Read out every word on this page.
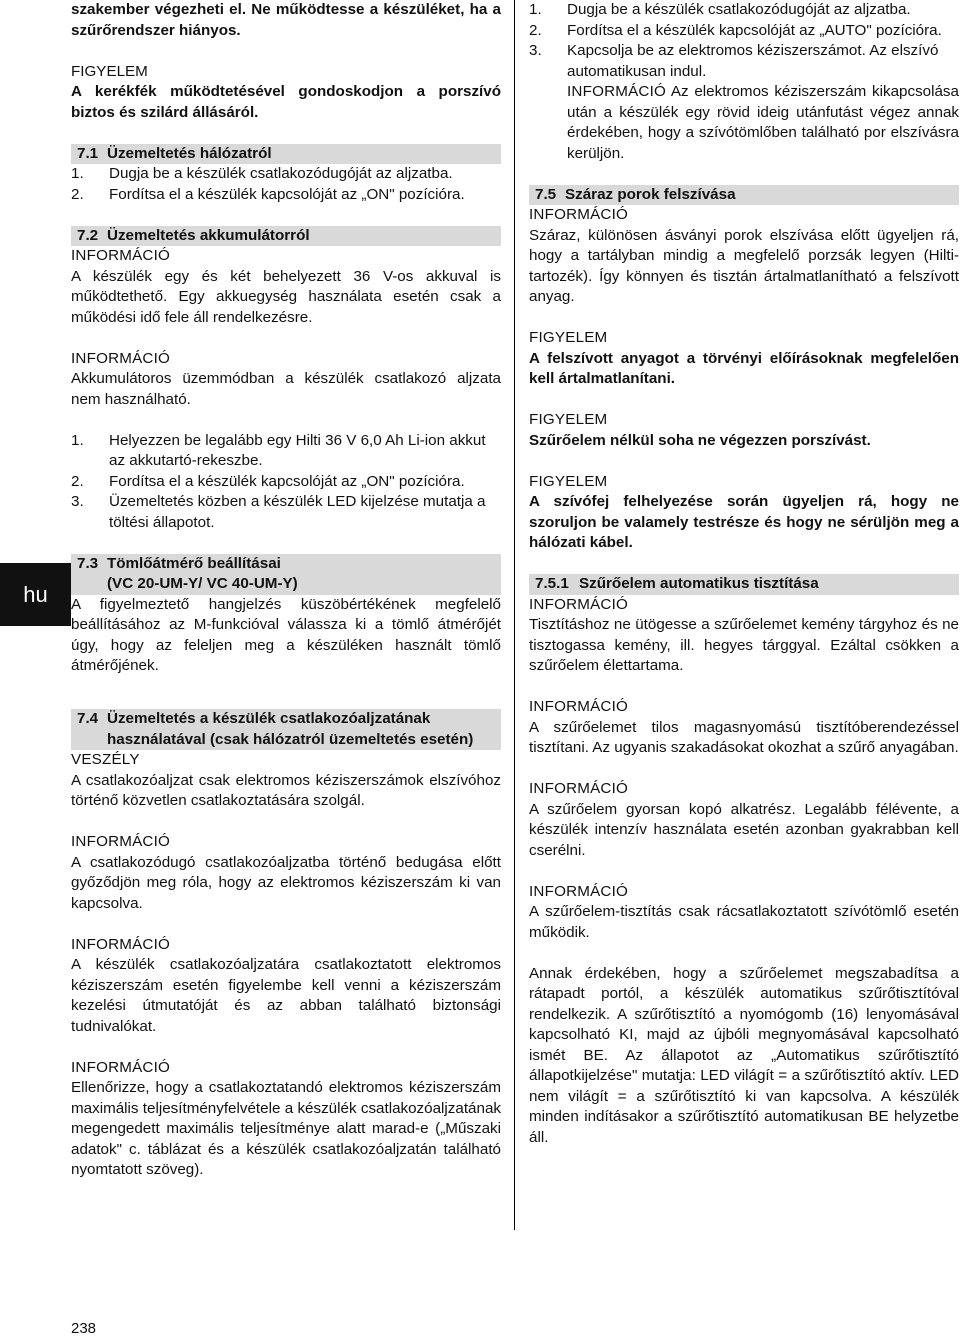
hu

szakember végezheti el. Ne működtesse a készüléket, ha a szűrőrendszer hiányos.

FIGYELEM

A kerékfék működtetésével gondoskodjon a porszívó biztos és szilárd állásáról.

7.1 Üzemeltetés hálózatról
1.	Dugja be a készülék csatlakozódugóját az aljzatba.
2.	Fordítsa el a készülék kapcsolóját az „ON" pozícióra.
7.2 Üzemeltetés akkumulátorról

INFORMÁCIÓ

A készülék egy és két behelyezett 36 V-os akkuval is működtethető. Egy akkuegység használata esetén csak a működési idő fele áll rendelkezésre.

INFORMÁCIÓ

Akkumulátoros üzemmódban a készülék csatlakozó aljzata nem használható.

1.	Helyezzen be legalább egy Hilti 36 V 6,0 Ah Li-ion akkut az akkutartó-rekeszbe.
2.	Fordítsa el a készülék kapcsolóját az „ON" pozícióra.
3.	Üzemeltetés közben a készülék LED kijelzése mutatja a töltési állapotot.
7.3 Tömlőátmérő beállításai
(VC 20-UM-Y/ VC 40-UM-Y)

A figyelmeztető hangjelzés küszöbértékének megfelelő beállításához az M-funkcióval válassza ki a tömlő átmérőjét úgy, hogy az feleljen meg a készüléken használt tömlő átmérőjének.

7.4 Üzemeltetés a készülék csatlakozóaljzatának használatával (csak hálózatról üzemeltetés esetén)

VESZÉLY

A csatlakozóaljzat csak elektromos kéziszerszámok elszívóhoz történő közvetlen csatlakoztatására szolgál.

INFORMÁCIÓ

A csatlakozódugó csatlakozóaljzatba történő bedugása előtt győződjön meg róla, hogy az elektromos kéziszerszám ki van kapcsolva.

INFORMÁCIÓ

A készülék csatlakozóaljzatára csatlakoztatott elektromos kéziszerszám esetén figyelembe kell venni a kéziszerszám kezelési útmutatóját és az abban található biztonsági tudnivalókat.

INFORMÁCIÓ

Ellenőrizze, hogy a csatlakoztatandó elektromos kéziszerszám maximális teljesítményfelvétele a készülék csatlakozóaljzatának megengedett maximális teljesítménye alatt marad-e („Műszaki adatok" c. táblázat és a készülék csatlakozóaljzatán található nyomtatott szöveg).

1.	Dugja be a készülék csatlakozódugóját az aljzatba.
2.	Fordítsa el a készülék kapcsolóját az „AUTO" pozícióra.
3.	Kapcsolja be az elektromos kéziszerszámot. Az elszívó automatikusan indul.

INFORMÁCIÓ Az elektromos kéziszerszám kikapcsolása után a készülék egy rövid ideig utánfutást végez annak érdekében, hogy a szívótömlőben található por elszívásra kerüljön.

7.5 Száraz porok felszívása

INFORMÁCIÓ

Száraz, különösen ásványi porok elszívása előtt ügyeljen rá, hogy a tartályban mindig a megfelelő porzsák legyen (Hilti-tartozék). Így könnyen és tisztán ártalmatlanítható a felszívott anyag.

FIGYELEM

A felszívott anyagot a törvényi előírásoknak megfelelően kell ártalmatlanítani.

FIGYELEM

Szűrőelem nélkül soha ne végezzen porszívást.

FIGYELEM

A szívófej felhelyezése során ügyeljen rá, hogy ne szoruljon be valamely testrésze és hogy ne sérüljön meg a hálózati kábel.

7.5.1 Szűrőelem automatikus tisztítása

INFORMÁCIÓ

Tisztításhoz ne ütögesse a szűrőelemet kemény tárgyhoz és ne tisztogassa kemény, ill. hegyes tárggyal. Ezáltal csökken a szűrőelem élettartama.

INFORMÁCIÓ

A szűrőelemet tilos magasnyomású tisztítóberendezéssel tisztítani. Az ugyanis szakadásokat okozhat a szűrő anyagában.

INFORMÁCIÓ

A szűrőelem gyorsan kopó alkatrész. Legalább félévente, a készülék intenzív használata esetén azonban gyakrabban kell cserélni.

INFORMÁCIÓ

A szűrőelem-tisztítás csak rácsatlakoztatott szívótömlő esetén működik.

Annak érdekében, hogy a szűrőelemet megszabadítsa a rátapadt portól, a készülék automatikus szűrőtisztítóval rendelkezik. A szűrőtisztító a nyomógomb (16) lenyomásával kapcsolható KI, majd az újbóli megnyomásával kapcsolható ismét BE. Az állapotot az „Automatikus szűrőtisztító állapotkijelzése" mutatja: LED világít = a szűrőtisztító aktív. LED nem világít = a szűrőtisztító ki van kapcsolva. A készülék minden indításakor a szűrőtisztító automatikusan BE helyzetbe áll.

238
